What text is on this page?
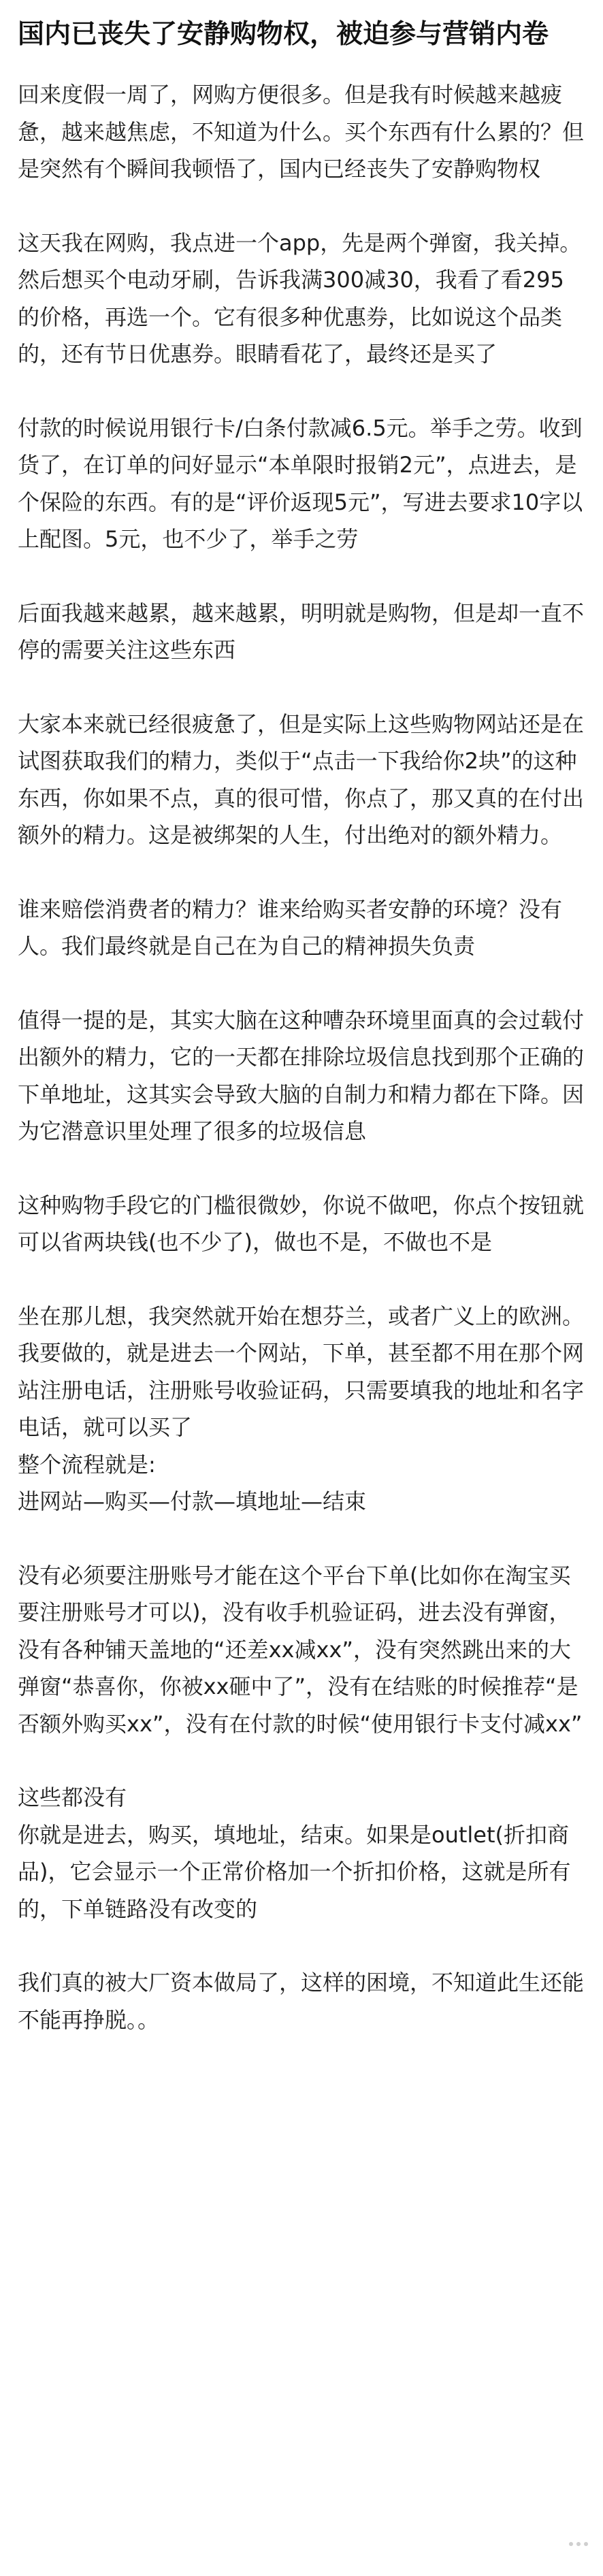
国内已丧失了安静购物权，被迫参与营销内卷

回来度假一周了，网购方便很多。但是我有时候越来越疲惫，越来越焦虑，不知道为什么。买个东西有什么累的？但是突然有个瞬间我顿悟了，国内已经丧失了安静购物权

这天我在网购，我点进一个app，先是两个弹窗，我关掉。然后想买个电动牙刷，告诉我满300减30，我看了看295的价格，再选一个。它有很多种优惠券，比如说这个品类的，还有节日优惠券。眼睛看花了，最终还是买了

付款的时候说用银行卡/白条付款减6.5元。举手之劳。收到货了，在订单的问好显示“本单限时报销2元”，点进去，是个保险的东西。有的是“评价返现5元”，写进去要求10字以上配图。5元，也不少了，举手之劳

后面我越来越累，越来越累，明明就是购物，但是却一直不停的需要关注这些东西

大家本来就已经很疲惫了，但是实际上这些购物网站还是在试图获取我们的精力，类似于“点击一下我给你2块”的这种东西，你如果不点，真的很可惜，你点了，那又真的在付出额外的精力。这是被绑架的人生，付出绝对的额外精力。

谁来赔偿消费者的精力？谁来给购买者安静的环境？没有人。我们最终就是自己在为自己的精神损失负责

值得一提的是，其实大脑在这种嘈杂环境里面真的会过载付出额外的精力，它的一天都在排除垃圾信息找到那个正确的下单地址，这其实会导致大脑的自制力和精力都在下降。因为它潜意识里处理了很多的垃圾信息

这种购物手段它的门槛很微妙，你说不做吧，你点个按钮就可以省两块钱(也不少了)，做也不是，不做也不是

坐在那儿想，我突然就开始在想芬兰，或者广义上的欧洲。我要做的，就是进去一个网站，下单，甚至都不用在那个网站注册电话，注册账号收验证码，只需要填我的地址和名字电话，就可以买了
整个流程就是:
进网站—购买—付款—填地址—结束

没有必须要注册账号才能在这个平台下单(比如你在淘宝买要注册账号才可以)，没有收手机验证码，进去没有弹窗，没有各种铺天盖地的“还差xx减xx”，没有突然跳出来的大弹窗“恭喜你，你被xx砸中了”，没有在结账的时候推荐“是否额外购买xx”，没有在付款的时候“使用银行卡支付减xx”

这些都没有
你就是进去，购买，填地址，结束。如果是outlet(折扣商品)，它会显示一个正常价格加一个折扣价格，这就是所有的，下单链路没有改变的

我们真的被大厂资本做局了，这样的困境，不知道此生还能不能再挣脱。。
